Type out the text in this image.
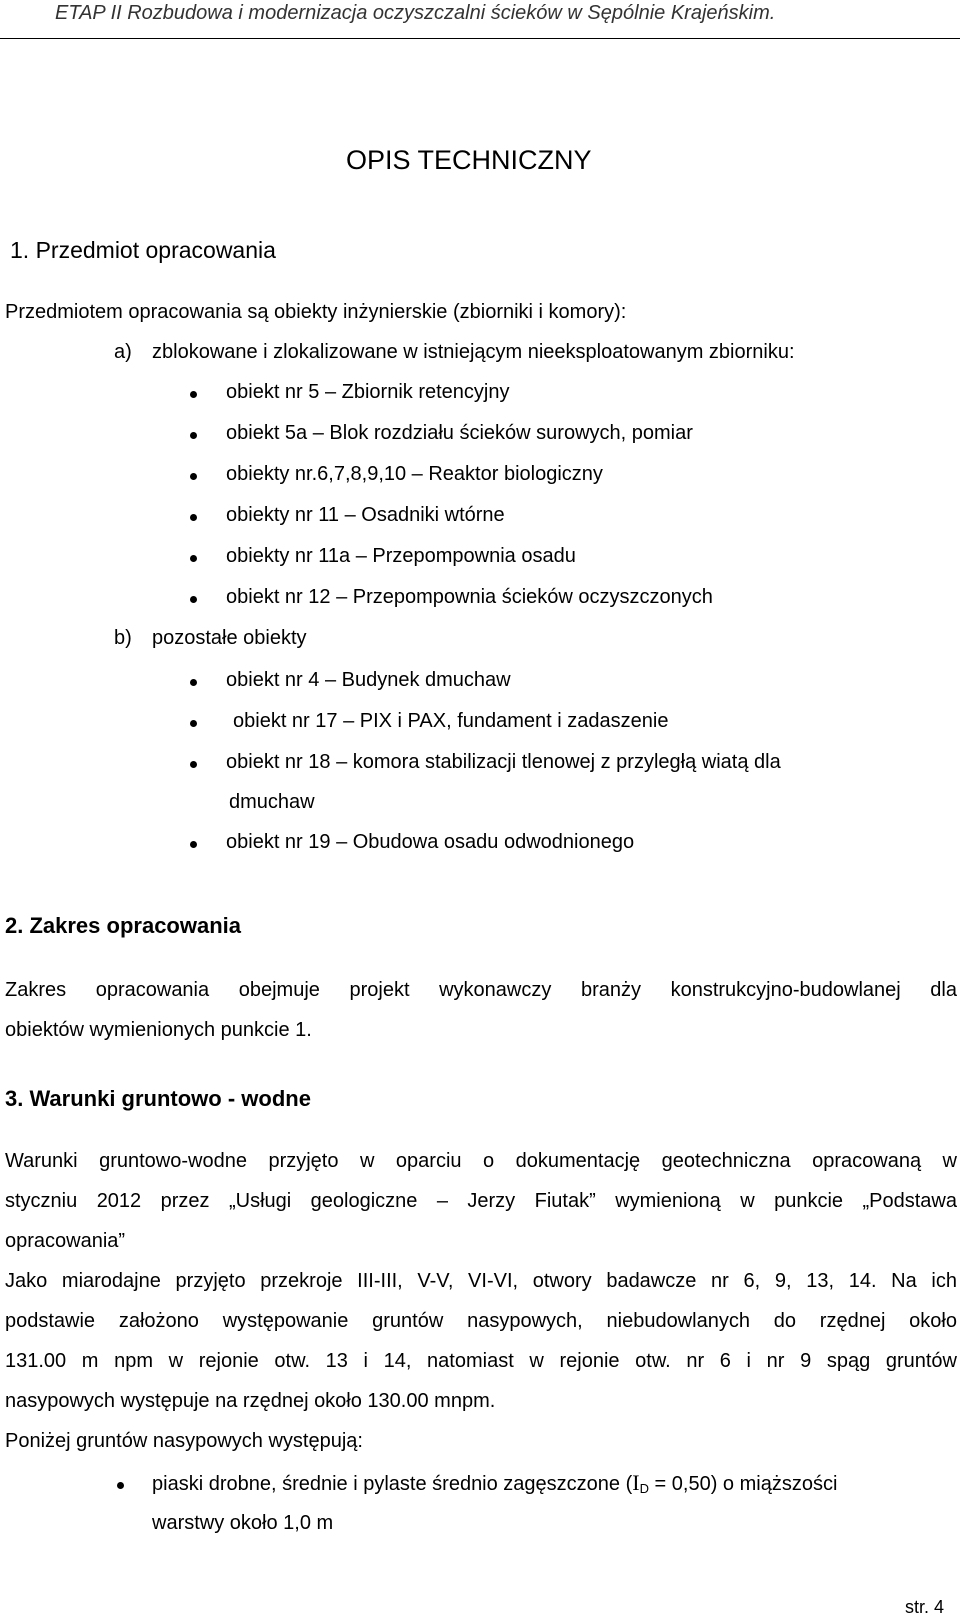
ETAP II Rozbudowa i modernizacja oczyszczalni ścieków w Sępólnie Krajeńskim.
OPIS TECHNICZNY
1. Przedmiot opracowania
Przedmiotem opracowania są obiekty inżynierskie (zbiorniki i komory):
a) zblokowane i zlokalizowane w istniejącym nieeksploatowanym zbiorniku:
obiekt nr 5 – Zbiornik retencyjny
obiekt 5a – Blok rozdziału ścieków surowych, pomiar
obiekty nr.6,7,8,9,10 – Reaktor biologiczny
obiekty nr 11 – Osadniki wtórne
obiekty nr 11a – Przepompownia osadu
obiekt nr 12 – Przepompownia ścieków oczyszczonych
b) pozostałe obiekty
obiekt nr 4 – Budynek dmuchaw
obiekt nr 17 – PIX i PAX, fundament i zadaszenie
obiekt nr 18 – komora stabilizacji tlenowej z przyległą wiatą dla
dmuchaw
obiekt nr 19 – Obudowa osadu odwodnionego
2. Zakres opracowania
Zakres opracowania obejmuje projekt wykonawczy branży konstrukcyjno-budowlanej dla
obiektów wymienionych punkcie 1.
3. Warunki gruntowo - wodne
Warunki gruntowo-wodne przyjęto w oparciu o dokumentację geotechniczna opracowaną w
styczniu 2012 przez „Usługi geologiczne – Jerzy Fiutak” wymienioną w punkcie „Podstawa
opracowania”
Jako miarodajne przyjęto przekroje III-III, V-V, VI-VI, otwory badawcze nr 6, 9, 13, 14. Na ich
podstawie założono występowanie gruntów nasypowych, niebudowlanych do rzędnej około
131.00 m npm w rejonie otw. 13 i 14, natomiast w rejonie otw. nr 6 i nr 9 spąg gruntów
nasypowych występuje na rzędnej około 130.00 mnpm.
Poniżej gruntów nasypowych występują:
piaski drobne, średnie i pylaste średnio zagęszczone $(I_D = 0,50)$ o miąższości
warstwy około 1,0 m
str. 4
